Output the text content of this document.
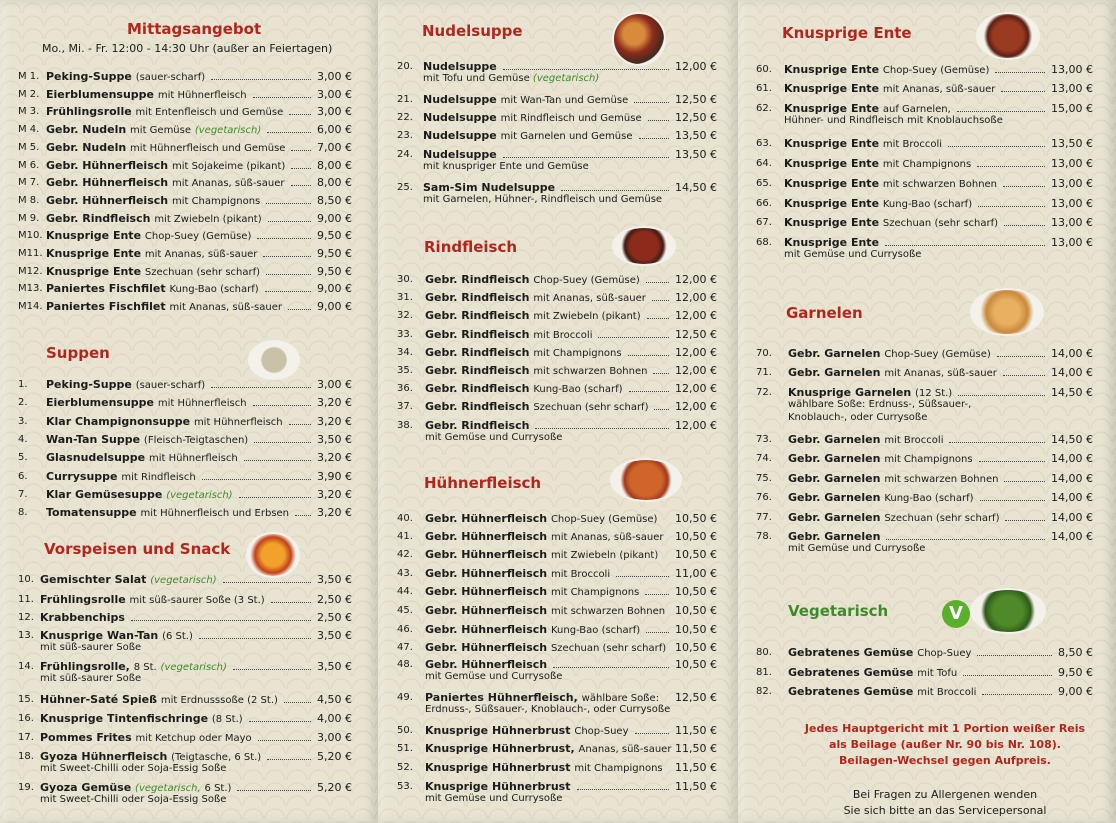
Mittagsangebot
Mo., Mi. - Fr. 12:00 - 14:30 Uhr (außer an Feiertagen)
Suppen
Vorspeisen und Snack
Nudelsuppe
Rindfleisch
Hühnerfleisch
Knusprige Ente
Garnelen
Vegetarisch	V
M 1. Peking-Suppe (sauer-scharf)	3,00 €
M 2. Eierblumensuppe mit Hühnerfleisch	3,00 €
M 3. Frühlingsrolle mit Entenfleisch und Gemüse	3,00 €
M 4. Gebr. Nudeln mit Gemüse (vegetarisch)	6,00 €
M 5. Gebr. Nudeln mit Hühnerfleisch und Gemüse	7,00 €
M 6. Gebr. Hühnerfleisch mit Sojakeime (pikant)	8,00 €
M 7. Gebr. Hühnerfleisch mit Ananas, süß-sauer	8,00 €
M 8. Gebr. Hühnerfleisch mit Champignons	8,50 €
M 9. Gebr. Rindfleisch mit Zwiebeln (pikant)	9,00 €
M10. Knusprige Ente Chop-Suey (Gemüse)	9,50 €
M11. Knusprige Ente mit Ananas, süß-sauer	9,50 €
M12. Knusprige Ente Szechuan (sehr scharf)	9,50 €
M13. Paniertes Fischfilet Kung-Bao (scharf)	9,00 €
M14. Paniertes Fischfilet mit Ananas, süß-sauer	9,00 €
1. Peking-Suppe (sauer-scharf)	3,00 €
2. Eierblumensuppe mit Hühnerfleisch	3,20 €
3. Klar Champignonsuppe mit Hühnerfleisch	3,20 €
4. Wan-Tan Suppe (Fleisch-Teigtaschen)	3,50 €
5. Glasnudelsuppe mit Hühnerfleisch	3,20 €
6. Currysuppe mit Rindfleisch	3,90 €
7. Klar Gemüsesuppe (vegetarisch)	3,20 €
8. Tomatensuppe mit Hühnerfleisch und Erbsen	3,20 €
10. Gemischter Salat (vegetarisch)	3,50 €
11. Frühlingsrolle mit süß-saurer Soße (3 St.)	2,50 €
12. Krabbenchips	2,50 €
13. Knusprige Wan-Tan (6 St.)	3,50 €
mit süß-saurer Soße
14. Frühlingsrolle, 8 St. (vegetarisch)	3,50 €
mit süß-saurer Soße
15. Hühner-Saté Spieß mit Erdnusssoße (2 St.)	4,50 €
16. Knusprige Tintenfischringe (8 St.)	4,00 €
17. Pommes Frites mit Ketchup oder Mayo	3,00 €
18. Gyoza Hühnerfleisch (Teigtasche, 6 St.)	5,20 €
mit Sweet-Chilli oder Soja-Essig Soße
19. Gyoza Gemüse (vegetarisch, 6 St.)	5,20 €
mit Sweet-Chilli oder Soja-Essig Soße
20. Nudelsuppe	12,00 €
mit Tofu und Gemüse (vegetarisch)
21. Nudelsuppe mit Wan-Tan und Gemüse	12,50 €
22. Nudelsuppe mit Rindfleisch und Gemüse	12,50 €
23. Nudelsuppe mit Garnelen und Gemüse	13,50 €
24. Nudelsuppe	13,50 €
mit knuspriger Ente und Gemüse
25. Sam-Sim Nudelsuppe	14,50 €
mit Garnelen, Hühner-, Rindfleisch und Gemüse
30. Gebr. Rindfleisch Chop-Suey (Gemüse)	12,00 €
31. Gebr. Rindfleisch mit Ananas, süß-sauer	12,00 €
32. Gebr. Rindfleisch mit Zwiebeln (pikant)	12,00 €
33. Gebr. Rindfleisch mit Broccoli	12,50 €
34. Gebr. Rindfleisch mit Champignons	12,00 €
35. Gebr. Rindfleisch mit schwarzen Bohnen	12,00 €
36. Gebr. Rindfleisch Kung-Bao (scharf)	12,00 €
37. Gebr. Rindfleisch Szechuan (sehr scharf) 12,00 €
38. Gebr. Rindfleisch	12,00 €
mit Gemüse und Currysoße
40. Gebr. Hühnerfleisch Chop-Suey (Gemüse) 10,50 €
41. Gebr. Hühnerfleisch mit Ananas, süß-sauer 10,50 €
42. Gebr. Hühnerfleisch mit Zwiebeln (pikant) 10,50 €
43. Gebr. Hühnerfleisch mit Broccoli	11,00 €
44. Gebr. Hühnerfleisch mit Champignons	10,50 €
45. Gebr. Hühnerfleisch mit schwarzen Bohnen 10,50 €
46. Gebr. Hühnerfleisch Kung-Bao (scharf)	10,50 €
47. Gebr. Hühnerfleisch Szechuan (sehr scharf) 10,50 €
48. Gebr. Hühnerfleisch	10,50 €
mit Gemüse und Currysoße
49. Paniertes Hühnerfleisch, wählbare Soße: 12,50 €
Erdnuss-, Süßsauer-, Knoblauch-, oder Currysoße
50. Knusprige Hühnerbrust Chop-Suey	11,50 €
51. Knusprige Hühnerbrust, Ananas, süß-sauer 11,50 €
52. Knusprige Hühnerbrust mit Champignons 11,50 €
53. Knusprige Hühnerbrust	11,50 €
mit Gemüse und Currysoße
60. Knusprige Ente Chop-Suey (Gemüse)	13,00 €
61. Knusprige Ente mit Ananas, süß-sauer	13,00 €
62. Knusprige Ente auf Garnelen,	15,00 €
Hühner- und Rindfleisch mit Knoblauchsoße
63. Knusprige Ente mit Broccoli	13,50 €
64. Knusprige Ente mit Champignons	13,00 €
65. Knusprige Ente mit schwarzen Bohnen	13,00 €
66. Knusprige Ente Kung-Bao (scharf)	13,00 €
67. Knusprige Ente Szechuan (sehr scharf)	13,00 €
68. Knusprige Ente	13,00 €
mit Gemüse und Currysoße
70. Gebr. Garnelen Chop-Suey (Gemüse)	14,00 €
71. Gebr. Garnelen mit Ananas, süß-sauer	14,00 €
72. Knusprige Garnelen (12 St.)	14,50 €
wählbare Soße: Erdnuss-, Süßsauer-,
Knoblauch-, oder Currysoße
73. Gebr. Garnelen mit Broccoli	14,50 €
74. Gebr. Garnelen mit Champignons	14,00 €
75. Gebr. Garnelen mit schwarzen Bohnen	14,00 €
76. Gebr. Garnelen Kung-Bao (scharf)	14,00 €
77. Gebr. Garnelen Szechuan (sehr scharf)	14,00 €
78. Gebr. Garnelen	14,00 €
mit Gemüse und Currysoße
80. Gebratenes Gemüse Chop-Suey	8,50 €
81. Gebratenes Gemüse mit Tofu	9,50 €
82. Gebratenes Gemüse mit Broccoli	9,00 €
Jedes Hauptgericht mit 1 Portion weißer Reis
als Beilage (außer Nr. 90 bis Nr. 108).
Beilagen-Wechsel gegen Aufpreis.
Bei Fragen zu Allergenen wenden
Sie sich bitte an das Servicepersonal
